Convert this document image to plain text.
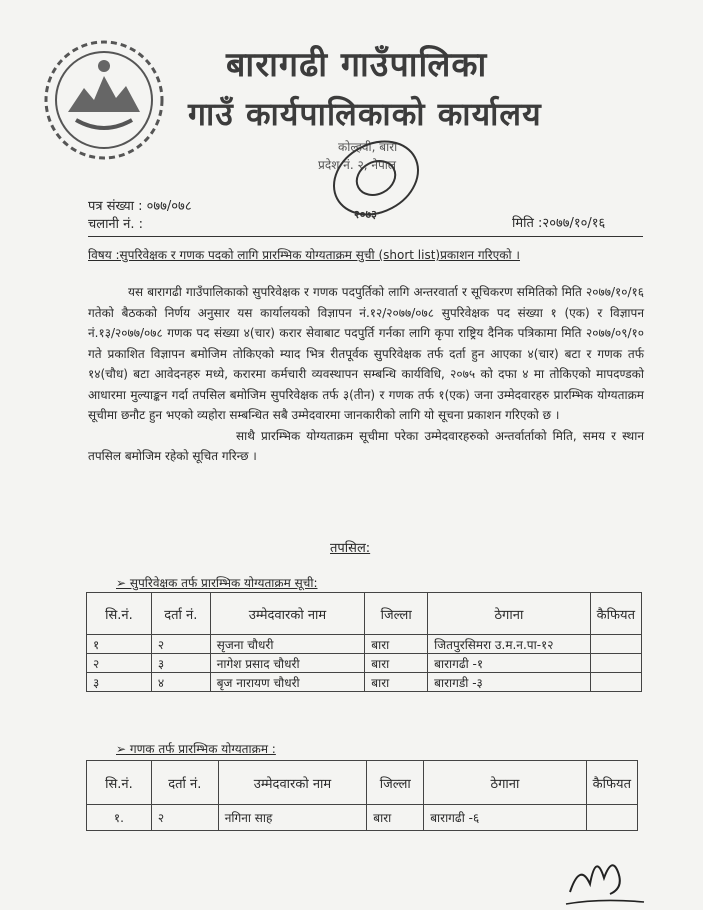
बारागढी गाउँपालिका
गाउँ कार्यपालिकाको कार्यालय
कोल्हवी, बारा
प्रदेश नं. २, नेपाल
२०७३
पत्र संख्या : ०७७/०७८
चलानी नं. :	मिति :२०७७/१०/१६
विषय :सुपरिवेक्षक र गणक पदको लागि प्रारम्भिक योग्यताक्रम सुची (short list)प्रकाशन गरिएको ।

यस बारागढी गाउँपालिकाको सुपरिवेक्षक र गणक पदपुर्तिको लागि अन्तरवार्ता र सूचिकरण समितिको मिति २०७७/१०/१६ गतेको बैठकको निर्णय अनुसार यस कार्यालयको विज्ञापन नं.१२/२०७७/०७८ सुपरिवेक्षक पद संख्या १ (एक) र विज्ञापन नं.१३/२०७७/०७८ गणक पद संख्या ४(चार) करार सेवाबाट पदपुर्ति गर्नका लागि कृपा राष्ट्रिय दैनिक पत्रिकामा मिति २०७७/०९/१० गते प्रकाशित विज्ञापन बमोजिम तोकिएको म्याद भित्र रीतपूर्वक सुपरिवेक्षक तर्फ दर्ता हुन आएका ४(चार) बटा र गणक तर्फ १४(चौध) बटा आवेदनहरु मध्ये, करारमा कर्मचारी व्यवस्थापन सम्बन्धि कार्यविधि, २०७५ को दफा ४ मा तोकिएको मापदण्डको आधारमा मुल्याङ्कन गर्दा तपसिल बमोजिम सुपरिवेक्षक तर्फ ३(तीन) र गणक तर्फ १(एक) जना उम्मेदवारहरु प्रारम्भिक योग्यताक्रम सूचीमा छनौट हुन भएको व्यहोरा सम्बन्धित सबै उम्मेदवारमा जानकारीको लागि यो सूचना प्रकाशन गरिएको छ ।

साथै प्रारम्भिक योग्यताक्रम सूचीमा परेका उम्मेदवारहरुको अन्तर्वार्ताको मिति, समय र स्थान तपसिल बमोजिम रहेको सूचित गरिन्छ ।

तपसिल:
➢ सुपरिवेक्षक तर्फ प्रारम्भिक योग्यताक्रम सूची:
सि.नं.	दर्ता नं.	उम्मेदवारको नाम	जिल्ला	ठेगाना	कैफियत
१	२	सृजना चौधरी	बारा	जितपुरसिमरा उ.म.न.पा-१२	
२	३	नागेश प्रसाद चौधरी	बारा	बारागढी -१	
३	४	बृज नारायण चौधरी	बारा	बारागडी -३	
➢ गणक तर्फ प्रारम्भिक योग्यताक्रम :
सि.नं.	दर्ता नं.	उम्मेदवारको नाम	जिल्ला	ठेगाना	कैफियत
१.	२	नगिना साह	बारा	बारागढी -६	
